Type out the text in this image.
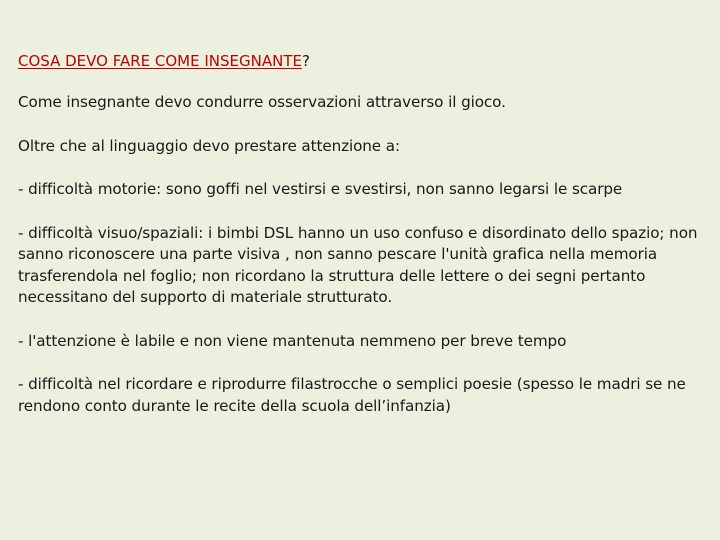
COSA DEVO FARE COME INSEGNANTE?

Come insegnante devo condurre osservazioni attraverso il gioco.

Oltre che al linguaggio devo prestare attenzione a:

- difficoltà motorie: sono goffi nel vestirsi e svestirsi, non sanno legarsi le scarpe

- difficoltà visuo/spaziali: i bimbi DSL hanno un uso confuso e disordinato dello spazio; non sanno riconoscere una parte visiva , non sanno pescare l'unità grafica nella memoria trasferendola nel foglio; non ricordano la struttura delle lettere o dei segni pertanto necessitano del supporto di materiale strutturato.

- l'attenzione è labile e non viene mantenuta nemmeno per breve tempo

- difficoltà nel ricordare e riprodurre filastrocche o semplici poesie (spesso le madri se ne rendono conto durante le recite della scuola dell’infanzia)
